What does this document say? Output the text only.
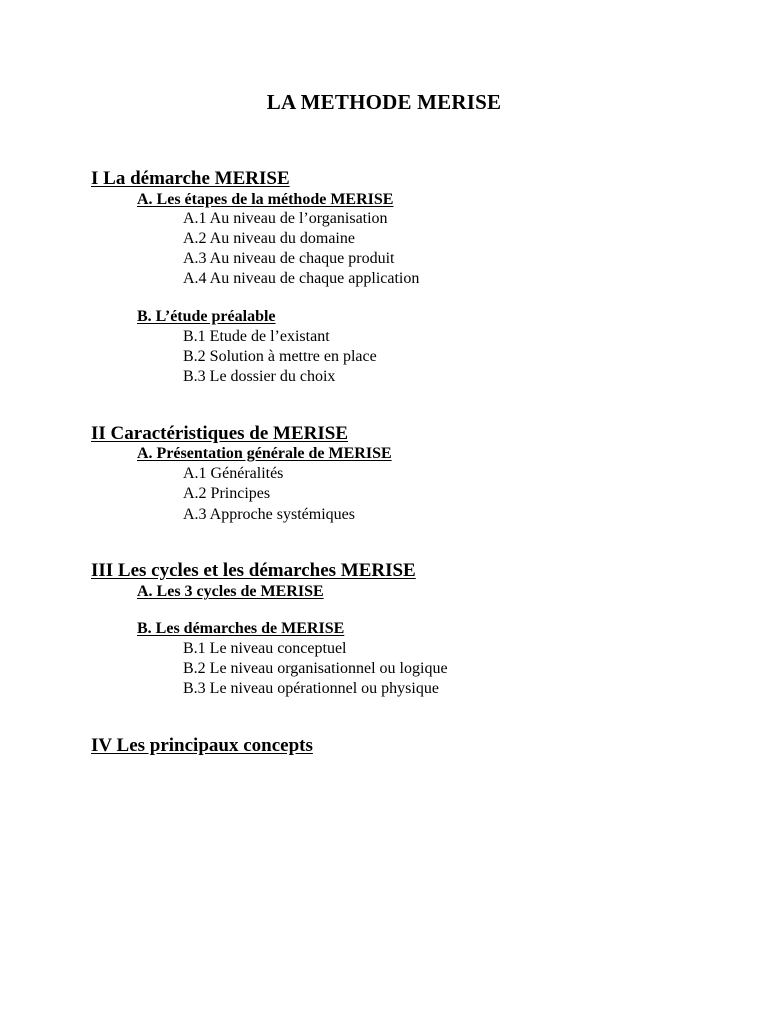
LA METHODE MERISE
I La démarche MERISE
A. Les étapes de la méthode MERISE
A.1 Au niveau de l’organisation
A.2 Au niveau du domaine
A.3 Au niveau de chaque produit
A.4 Au niveau de chaque application
B. L’étude préalable
B.1 Etude de l’existant
B.2 Solution à mettre en place
B.3 Le dossier du choix
II Caractéristiques de MERISE
A. Présentation générale de MERISE
A.1 Généralités
A.2 Principes
A.3 Approche systémiques
III Les cycles et les démarches MERISE
A. Les 3 cycles de MERISE
B. Les démarches de MERISE
B.1 Le niveau conceptuel
B.2 Le niveau organisationnel ou logique
B.3 Le niveau opérationnel ou physique
IV Les principaux concepts
